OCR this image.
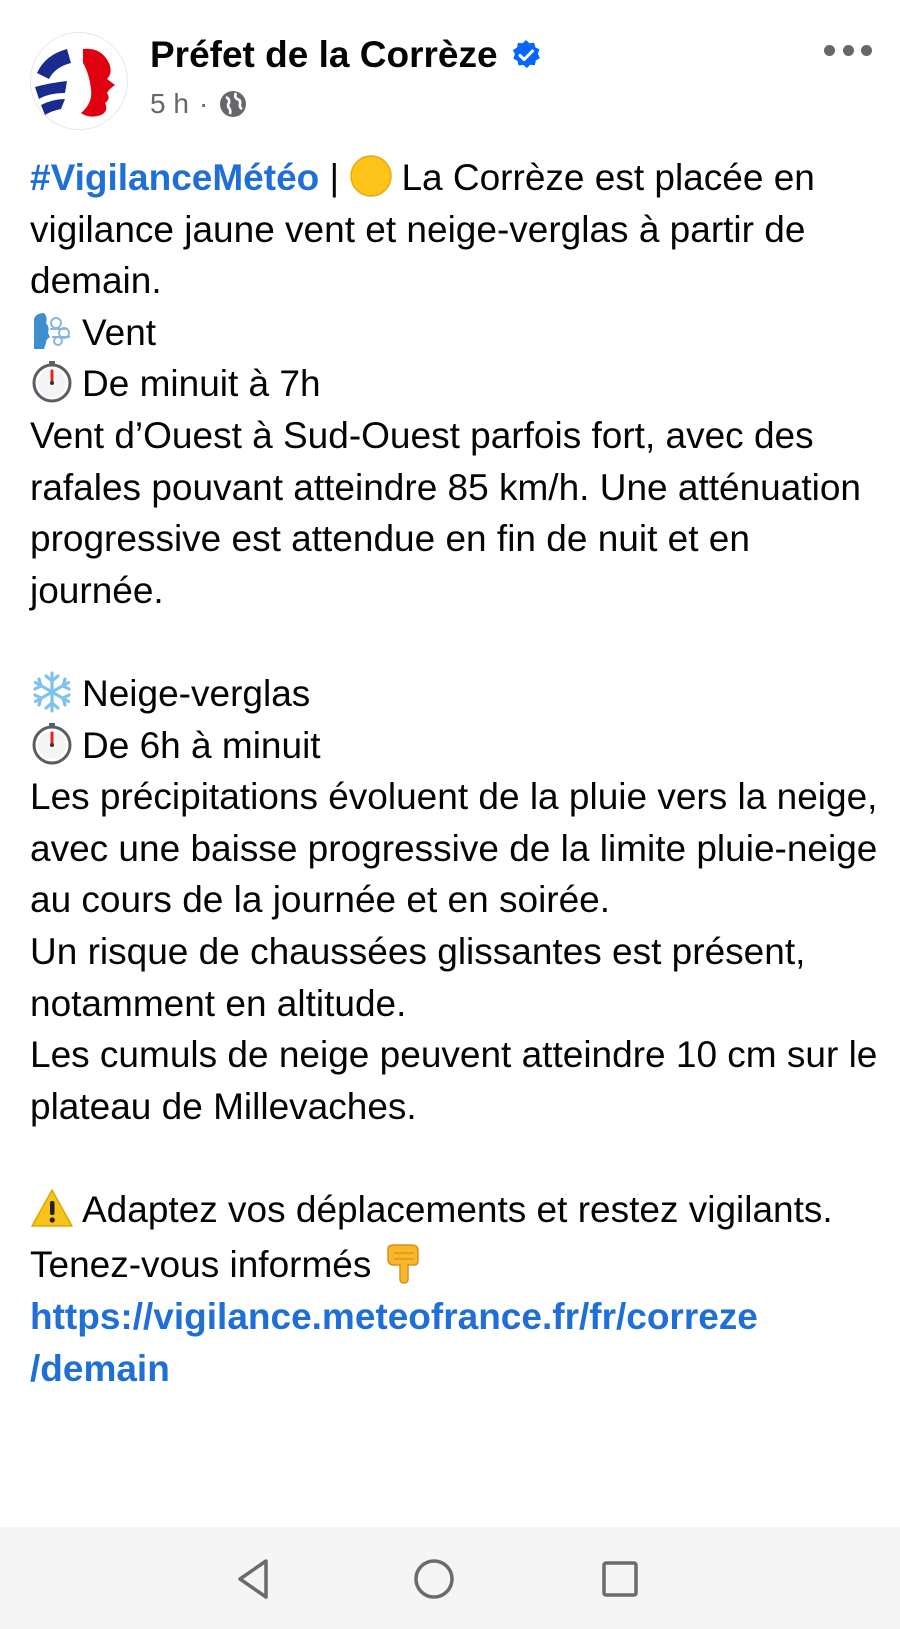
Préfet de la Corrèze
5 h ·

#VigilanceMétéo | La Corrèze est placée en vigilance jaune vent et neige-verglas à partir de demain.

Vent

De minuit à 7h

Vent d’Ouest à Sud-Ouest parfois fort, avec des rafales pouvant atteindre 85 km/h. Une atténuation progressive est attendue en fin de nuit et en journée.

Neige-verglas

De 6h à minuit

Les précipitations évoluent de la pluie vers la neige, avec une baisse progressive de la limite pluie-neige au cours de la journée et en soirée.

Un risque de chaussées glissantes est présent, notamment en altitude.

Les cumuls de neige peuvent atteindre 10 cm sur le plateau de Millevaches.

Adaptez vos déplacements et restez vigilants.

Tenez-vous informés

https://vigilance.meteofrance.fr/fr/correze
/demain
